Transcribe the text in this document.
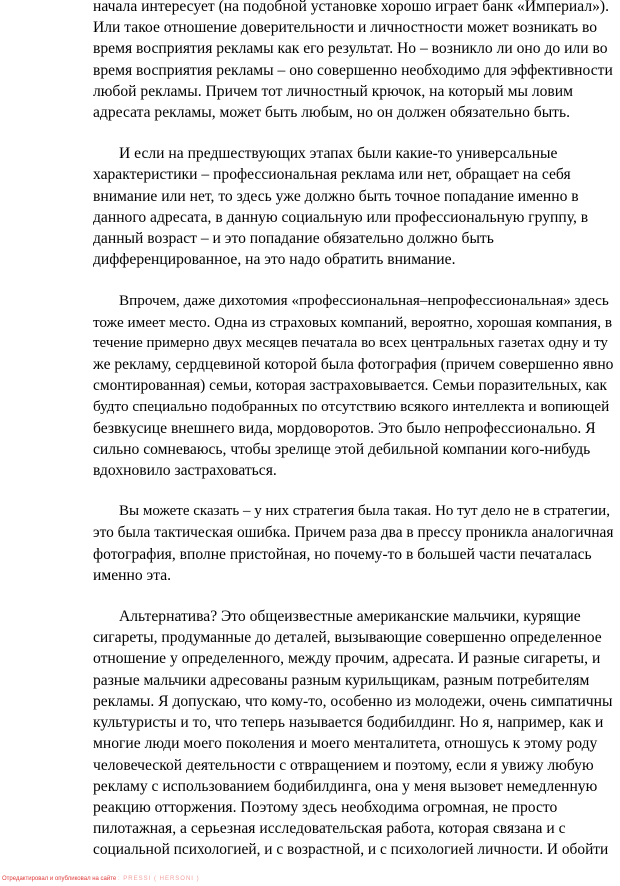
начала интересует (на подобной установке хорошо играет банк «Империал»).
Или такое отношение доверительности и личностности может возникать во
время восприятия рекламы как его результат. Но – возникло ли оно до или во
время восприятия рекламы – оно совершенно необходимо для эффективности
любой рекламы. Причем тот личностный крючок, на который мы ловим
адресата рекламы, может быть любым, но он должен обязательно быть.

И если на предшествующих этапах были какие-то универсальные
характеристики – профессиональная реклама или нет, обращает на себя
внимание или нет, то здесь уже должно быть точное попадание именно в
данного адресата, в данную социальную или профессиональную группу, в
данный возраст – и это попадание обязательно должно быть
дифференцированное, на это надо обратить внимание.

Впрочем, даже дихотомия «профессиональная–непрофессиональная» здесь
тоже имеет место. Одна из страховых компаний, вероятно, хорошая компания, в
течение примерно двух месяцев печатала во всех центральных газетах одну и ту
же рекламу, сердцевиной которой была фотография (причем совершенно явно
смонтированная) семьи, которая застраховывается. Семьи поразительных, как
будто специально подобранных по отсутствию всякого интеллекта и вопиющей
безвкусице внешнего вида, мордоворотов. Это было непрофессионально. Я
сильно сомневаюсь, чтобы зрелище этой дебильной компании кого-нибудь
вдохновило застраховаться.

Вы можете сказать – у них стратегия была такая. Но тут дело не в стратегии,
это была тактическая ошибка. Причем раза два в прессу проникла аналогичная
фотография, вполне пристойная, но почему-то в большей части печаталась
именно эта.

Альтернатива? Это общеизвестные американские мальчики, курящие
сигареты, продуманные до деталей, вызывающие совершенно определенное
отношение у определенного, между прочим, адресата. И разные сигареты, и
разные мальчики адресованы разным курильщикам, разным потребителям
рекламы. Я допускаю, что кому-то, особенно из молодежи, очень симпатичны
культуристы и то, что теперь называется бодибилдинг. Но я, например, как и
многие люди моего поколения и моего менталитета, отношусь к этому роду
человеческой деятельности с отвращением и поэтому, если я увижу любую
рекламу с использованием бодибилдинга, она у меня вызовет немедленную
реакцию отторжения. Поэтому здесь необходима огромная, не просто
пилотажная, а серьезная исследовательская работа, которая связана и с
социальной психологией, и с возрастной, и с психологией личности. И обойти

Отредактировал и опубликовал на сайте : PRESSI ( HERSONI )
